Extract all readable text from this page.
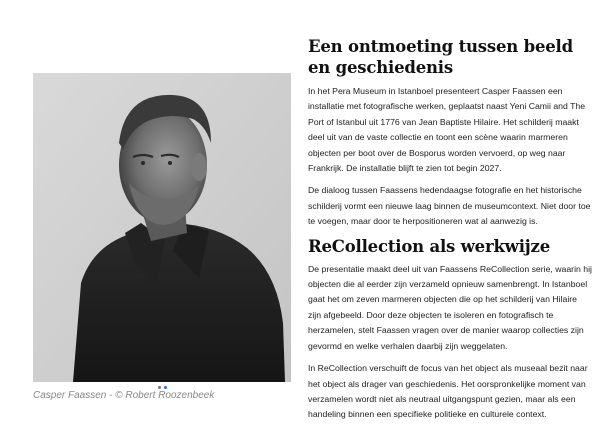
Casper Faassen - © Robert Roozenbeek
Een ontmoeting tussen beeld en geschiedenis

In het Pera Museum in Istanboel presenteert Casper Faassen een installatie met fotografische werken, geplaatst naast Yeni Camii and The Port of Istanbul uit 1776 van Jean Baptiste Hilaire. Het schilderij maakt deel uit van de vaste collectie en toont een scène waarin marmeren objecten per boot over de Bosporus worden vervoerd, op weg naar Frankrijk. De installatie blijft te zien tot begin 2027.

De dialoog tussen Faassens hedendaagse fotografie en het historische schilderij vormt een nieuwe laag binnen de museumcontext. Niet door toe te voegen, maar door te herpositioneren wat al aanwezig is.

ReCollection als werkwijze

De presentatie maakt deel uit van Faassens ReCollection serie, waarin hij objecten die al eerder zijn verzameld opnieuw samenbrengt. In Istanboel gaat het om zeven marmeren objecten die op het schilderij van Hilaire zijn afgebeeld. Door deze objecten te isoleren en fotografisch te herzamelen, stelt Faassen vragen over de manier waarop collecties zijn gevormd en welke verhalen daarbij zijn weggelaten.

In ReCollection verschuift de focus van het object als museaal bezit naar het object als drager van geschiedenis. Het oorspronkelijke moment van verzamelen wordt niet als neutraal uitgangspunt gezien, maar als een handeling binnen een specifieke politieke en culturele context.
